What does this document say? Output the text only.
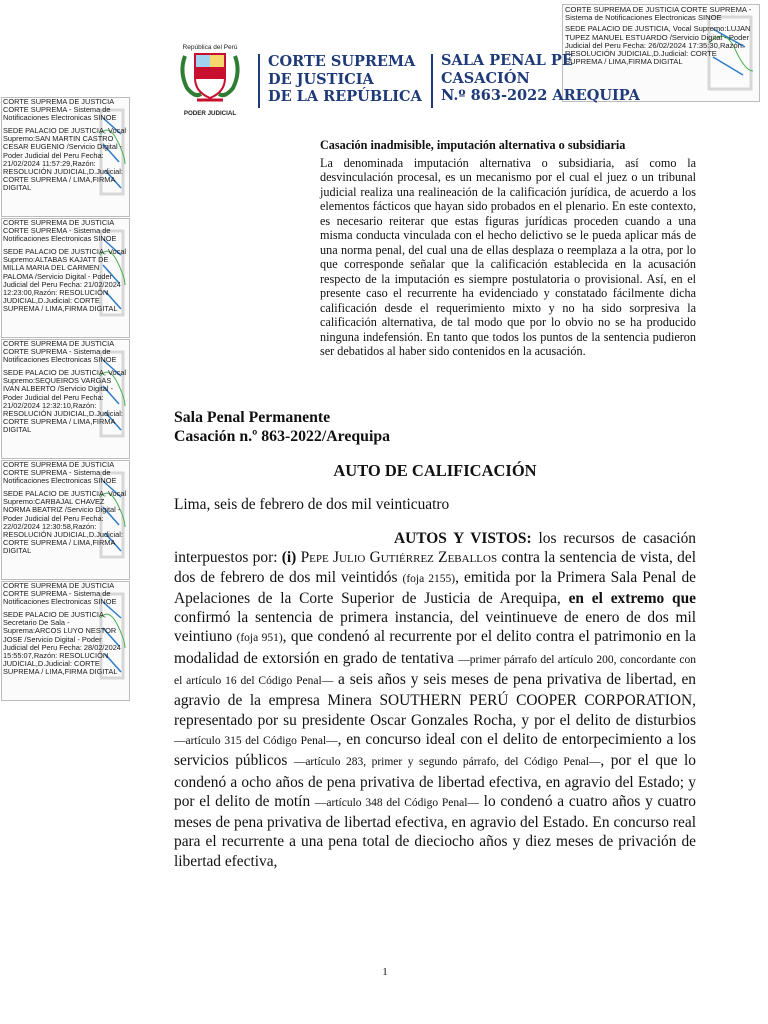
CORTE SUPREMA DE JUSTICIA CORTE SUPREMA - Sistema de Notificaciones Electronicas SINOE
SEDE PALACIO DE JUSTICIA, Vocal Supremo:SAN MARTIN CASTRO CESAR EUGENIO /Servicio Digital - Poder Judicial del Peru Fecha: 21/02/2024 11:57:29,Razón: RESOLUCIÓN JUDICIAL,D.Judicial: CORTE SUPREMA / LIMA,FIRMA DIGITAL
CORTE SUPREMA DE JUSTICIA CORTE SUPREMA - Sistema de Notificaciones Electronicas SINOE
SEDE PALACIO DE JUSTICIA, Vocal Supremo:ALTABAS KAJATT DE MILLA MARIA DEL CARMEN PALOMA /Servicio Digital - Poder Judicial del Peru Fecha: 21/02/2024 12:23:00,Razón: RESOLUCIÓN JUDICIAL,D.Judicial: CORTE SUPREMA / LIMA,FIRMA DIGITAL
CORTE SUPREMA DE JUSTICIA CORTE SUPREMA - Sistema de Notificaciones Electronicas SINOE
SEDE PALACIO DE JUSTICIA, Vocal Supremo:SEQUEIROS VARGAS IVAN ALBERTO /Servicio Digital - Poder Judicial del Peru Fecha: 21/02/2024 12:32:10,Razón: RESOLUCIÓN JUDICIAL,D.Judicial: CORTE SUPREMA / LIMA,FIRMA DIGITAL
CORTE SUPREMA DE JUSTICIA CORTE SUPREMA - Sistema de Notificaciones Electronicas SINOE
SEDE PALACIO DE JUSTICIA, Vocal Supremo:CARBAJAL CHAVEZ NORMA BEATRIZ /Servicio Digital - Poder Judicial del Peru Fecha: 22/02/2024 12:30:58,Razón: RESOLUCIÓN JUDICIAL,D.Judicial: CORTE SUPREMA / LIMA,FIRMA DIGITAL
CORTE SUPREMA DE JUSTICIA CORTE SUPREMA - Sistema de Notificaciones Electronicas SINOE
SEDE PALACIO DE JUSTICIA, Secretario De Sala - Suprema:ARCOS LUYO NESTOR JOSE /Servicio Digital - Poder Judicial del Peru Fecha: 28/02/2024 15:55:07,Razón: RESOLUCIÓN JUDICIAL,D.Judicial: CORTE SUPREMA / LIMA,FIRMA DIGITAL
CORTE SUPREMA DE JUSTICIA CORTE SUPREMA - Sistema de Notificaciones Electronicas SINOE
SEDE PALACIO DE JUSTICIA, Vocal Supremo:LUJAN TUPEZ MANUEL ESTUARDO /Servicio Digital - Poder Judicial del Peru Fecha: 26/02/2024 17:35:30,Razón: RESOLUCIÓN JUDICIAL,D.Judicial: CORTE SUPREMA / LIMA,FIRMA DIGITAL
República del Perú
PODER JUDICIAL
CORTE SUPREMA
DE JUSTICIA
DE LA REPÚBLICA
SALA PENAL PE
CASACIÓN
N.º 863-2022 AREQUIPA
Casación inadmisible, imputación alternativa o subsidiaria
La denominada imputación alternativa o subsidiaria, así como la desvinculación procesal, es un mecanismo por el cual el juez o un tribunal judicial realiza una realineación de la calificación jurídica, de acuerdo a los elementos fácticos que hayan sido probados en el plenario. En este contexto, es necesario reiterar que estas figuras jurídicas proceden cuando a una misma conducta vinculada con el hecho delictivo se le pueda aplicar más de una norma penal, del cual una de ellas desplaza o reemplaza a la otra, por lo que corresponde señalar que la calificación establecida en la acusación respecto de la imputación es siempre postulatoria o provisional. Así, en el presente caso el recurrente ha evidenciado y constatado fácilmente dicha calificación desde el requerimiento mixto y no ha sido sorpresiva la calificación alternativa, de tal modo que por lo obvio no se ha producido ninguna indefensión. En tanto que todos los puntos de la sentencia pudieron ser debatidos al haber sido contenidos en la acusación.
Sala Penal Permanente
Casación n.º 863-2022/Arequipa
AUTO DE CALIFICACIÓN
Lima, seis de febrero de dos mil veinticuatro
AUTOS Y VISTOS: los recursos de casación interpuestos por: (i) Pepe Julio Gutiérrez Zeballos contra la sentencia de vista, del dos de febrero de dos mil veintidós (foja 2155), emitida por la Primera Sala Penal de Apelaciones de la Corte Superior de Justicia de Arequipa, en el extremo que confirmó la sentencia de primera instancia, del veintinueve de enero de dos mil veintiuno (foja 951), que condenó al recurrente por el delito contra el patrimonio en la modalidad de extorsión en grado de tentativa —primer párrafo del artículo 200, concordante con el artículo 16 del Código Penal— a seis años y seis meses de pena privativa de libertad, en agravio de la empresa Minera SOUTHERN PERÚ COOPER CORPORATION, representado por su presidente Oscar Gonzales Rocha, y por el delito de disturbios —artículo 315 del Código Penal—, en concurso ideal con el delito de entorpecimiento a los servicios públicos —artículo 283, primer y segundo párrafo, del Código Penal—, por el que lo condenó a ocho años de pena privativa de libertad efectiva, en agravio del Estado; y por el delito de motín —artículo 348 del Código Penal— lo condenó a cuatro años y cuatro meses de pena privativa de libertad efectiva, en agravio del Estado. En concurso real para el recurrente a una pena total de dieciocho años y diez meses de privación de libertad efectiva,
1
